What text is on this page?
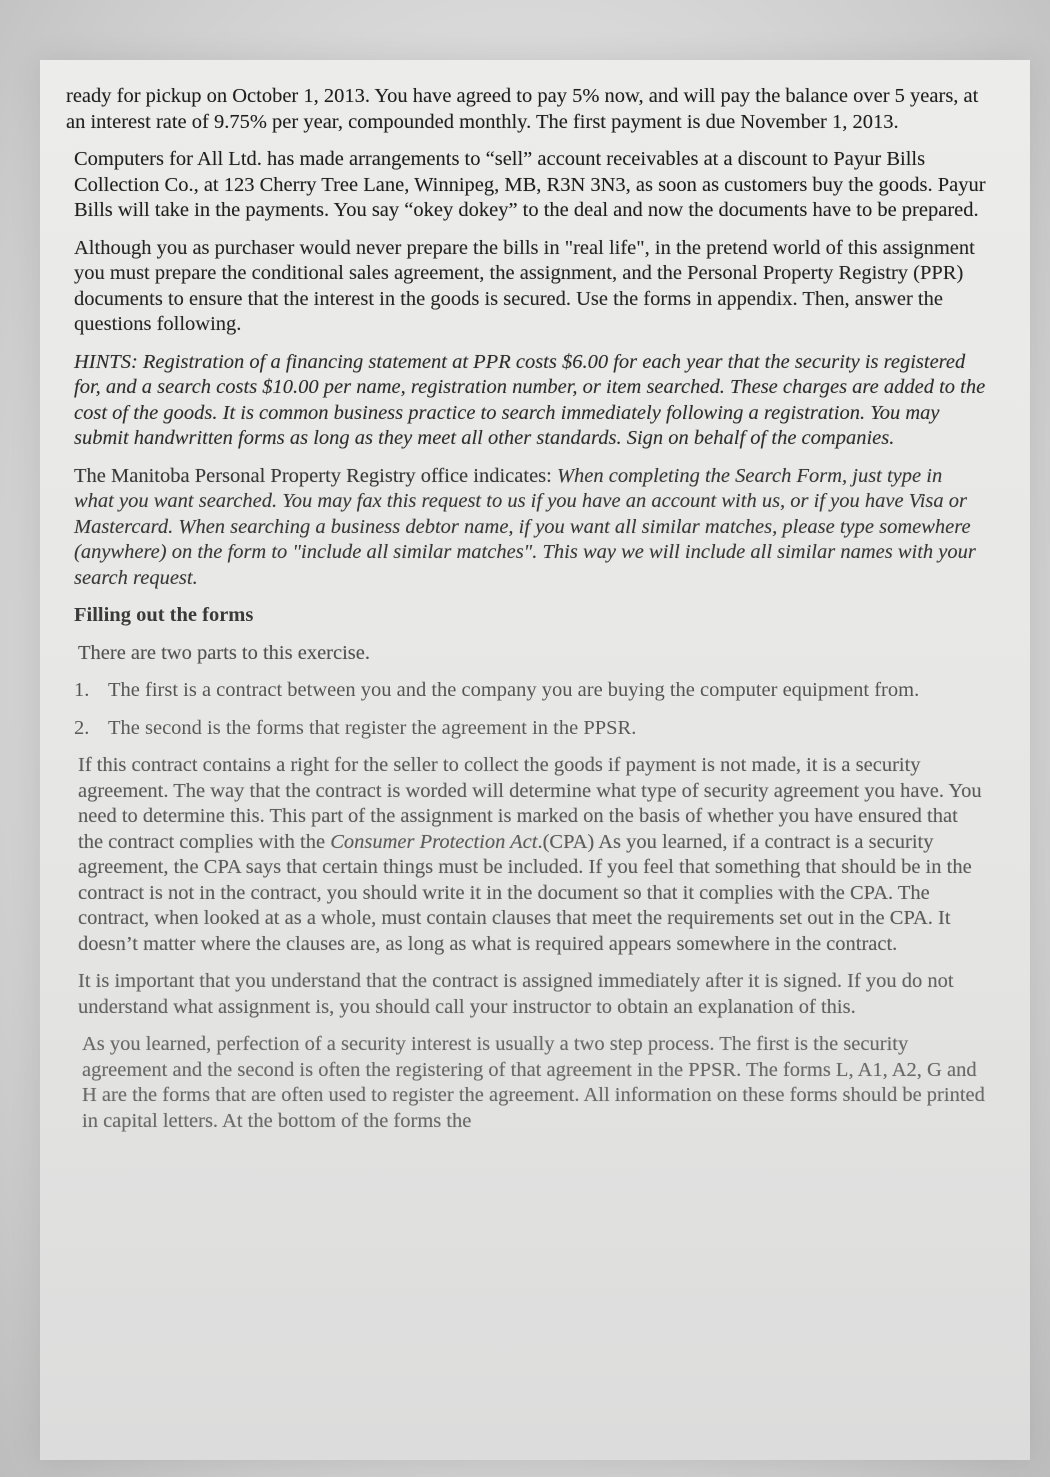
ready for pickup on October 1, 2013. You have agreed to pay 5% now, and will pay the balance over 5 years, at an interest rate of 9.75% per year, compounded monthly. The first payment is due November 1, 2013.

Computers for All Ltd. has made arrangements to “sell” account receivables at a discount to Payur Bills Collection Co., at 123 Cherry Tree Lane, Winnipeg, MB, R3N 3N3, as soon as customers buy the goods. Payur Bills will take in the payments. You say “okey dokey” to the deal and now the documents have to be prepared.

Although you as purchaser would never prepare the bills in "real life", in the pretend world of this assignment you must prepare the conditional sales agreement, the assignment, and the Personal Property Registry (PPR) documents to ensure that the interest in the goods is secured. Use the forms in appendix. Then, answer the questions following.

HINTS: Registration of a financing statement at PPR costs $6.00 for each year that the security is registered for, and a search costs $10.00 per name, registration number, or item searched. These charges are added to the cost of the goods. It is common business practice to search immediately following a registration. You may submit handwritten forms as long as they meet all other standards. Sign on behalf of the companies.

The Manitoba Personal Property Registry office indicates: When completing the Search Form, just type in what you want searched. You may fax this request to us if you have an account with us, or if you have Visa or Mastercard. When searching a business debtor name, if you want all similar matches, please type somewhere (anywhere) on the form to "include all similar matches". This way we will include all similar names with your search request.

Filling out the forms

There are two parts to this exercise.

1. The first is a contract between you and the company you are buying the computer equipment from.
2. The second is the forms that register the agreement in the PPSR.

If this contract contains a right for the seller to collect the goods if payment is not made, it is a security agreement. The way that the contract is worded will determine what type of security agreement you have. You need to determine this. This part of the assignment is marked on the basis of whether you have ensured that the contract complies with the Consumer Protection Act.(CPA) As you learned, if a contract is a security agreement, the CPA says that certain things must be included. If you feel that something that should be in the contract is not in the contract, you should write it in the document so that it complies with the CPA. The contract, when looked at as a whole, must contain clauses that meet the requirements set out in the CPA. It doesn’t matter where the clauses are, as long as what is required appears somewhere in the contract.

It is important that you understand that the contract is assigned immediately after it is signed. If you do not understand what assignment is, you should call your instructor to obtain an explanation of this.

As you learned, perfection of a security interest is usually a two step process. The first is the security agreement and the second is often the registering of that agreement in the PPSR. The forms L, A1, A2, G and H are the forms that are often used to register the agreement. All information on these forms should be printed in capital letters. At the bottom of the forms the
